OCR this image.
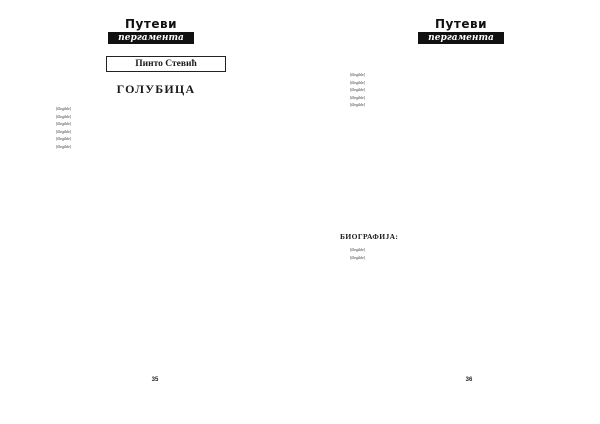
Путеви
пергамента
Пинто Стевић
ГОЛУБИЦА

[illegible]

[illegible]

[illegible]

[illegible]

[illegible]

[illegible]

35
Путеви
пергамента

[illegible]

[illegible]

[illegible]

[illegible]

[illegible]

БИОГРАФИЈА:

[illegible]

[illegible]

36
